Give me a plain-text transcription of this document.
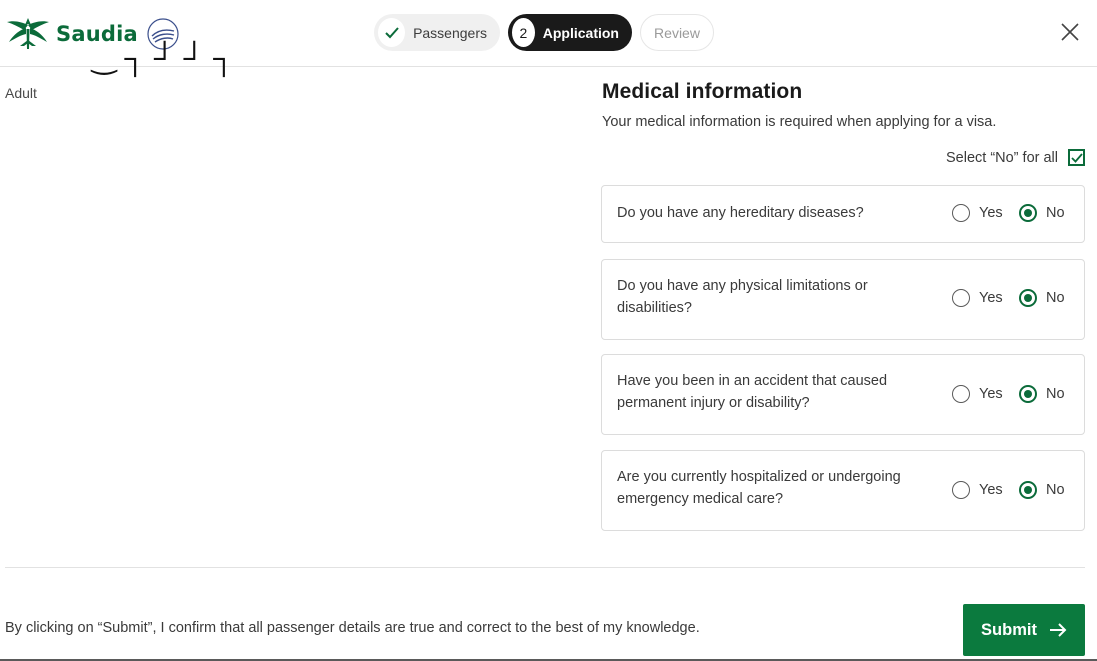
Saudia	Passengers	2	Application	Review
‿ ┐ ┘ ┘ ┐
Adult	Medical information
Your medical information is required when applying for a visa.
Select “No” for all
Do you have any hereditary diseases?	Yes	No
Do you have any physical limitations or disabilities?
Yes	No
Have you been in an accident that caused permanent injury or disability?
Yes	No
Are you currently hospitalized or undergoing emergency medical care?
Yes	No
By clicking on “Submit”, I confirm that all passenger details are true and correct to the best of my knowledge.	Submit
